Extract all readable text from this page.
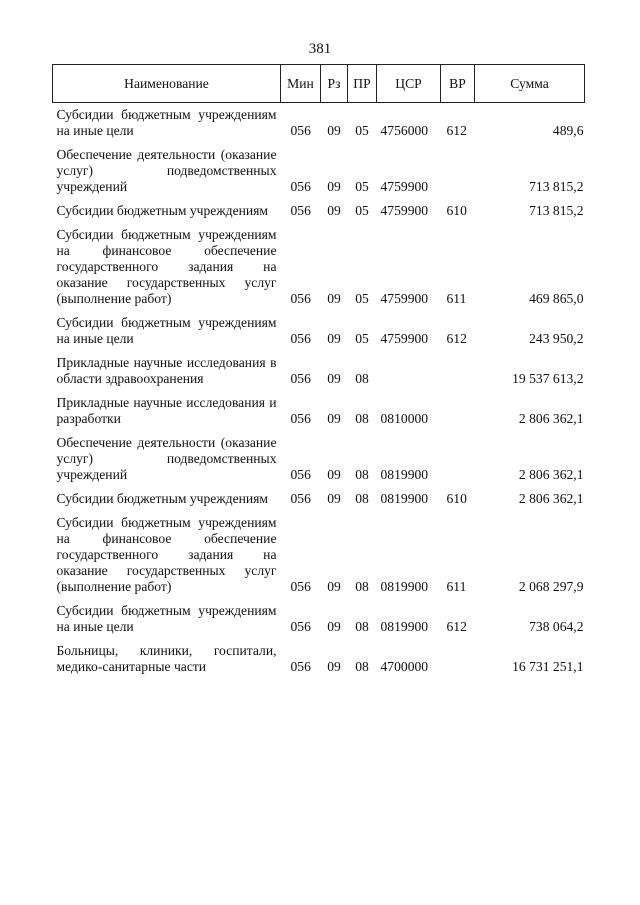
381
Наименование	Мин	Рз	ПР	ЦСР	ВР	Сумма
Субсидии бюджетным учреждениям на иные цели	056	09	05	4756000	612	489,6
Обеспечение деятельности (оказание услуг) подведомственных учреждений	056	09	05	4759900		713 815,2
Субсидии бюджетным учреждениям	056	09	05	4759900	610	713 815,2
Субсидии бюджетным учреждениям на финансовое обеспечение государственного задания на оказание государственных услуг (выполнение работ)	056	09	05	4759900	611	469 865,0
Субсидии бюджетным учреждениям на иные цели	056	09	05	4759900	612	243 950,2
Прикладные научные исследования в области здравоохранения	056	09	08			19 537 613,2
Прикладные научные исследования и разработки	056	09	08	0810000		2 806 362,1
Обеспечение деятельности (оказание услуг) подведомственных учреждений	056	09	08	0819900		2 806 362,1
Субсидии бюджетным учреждениям	056	09	08	0819900	610	2 806 362,1
Субсидии бюджетным учреждениям на финансовое обеспечение государственного задания на оказание государственных услуг (выполнение работ)	056	09	08	0819900	611	2 068 297,9
Субсидии бюджетным учреждениям на иные цели	056	09	08	0819900	612	738 064,2
Больницы, клиники, госпитали, медико-санитарные части	056	09	08	4700000		16 731 251,1
